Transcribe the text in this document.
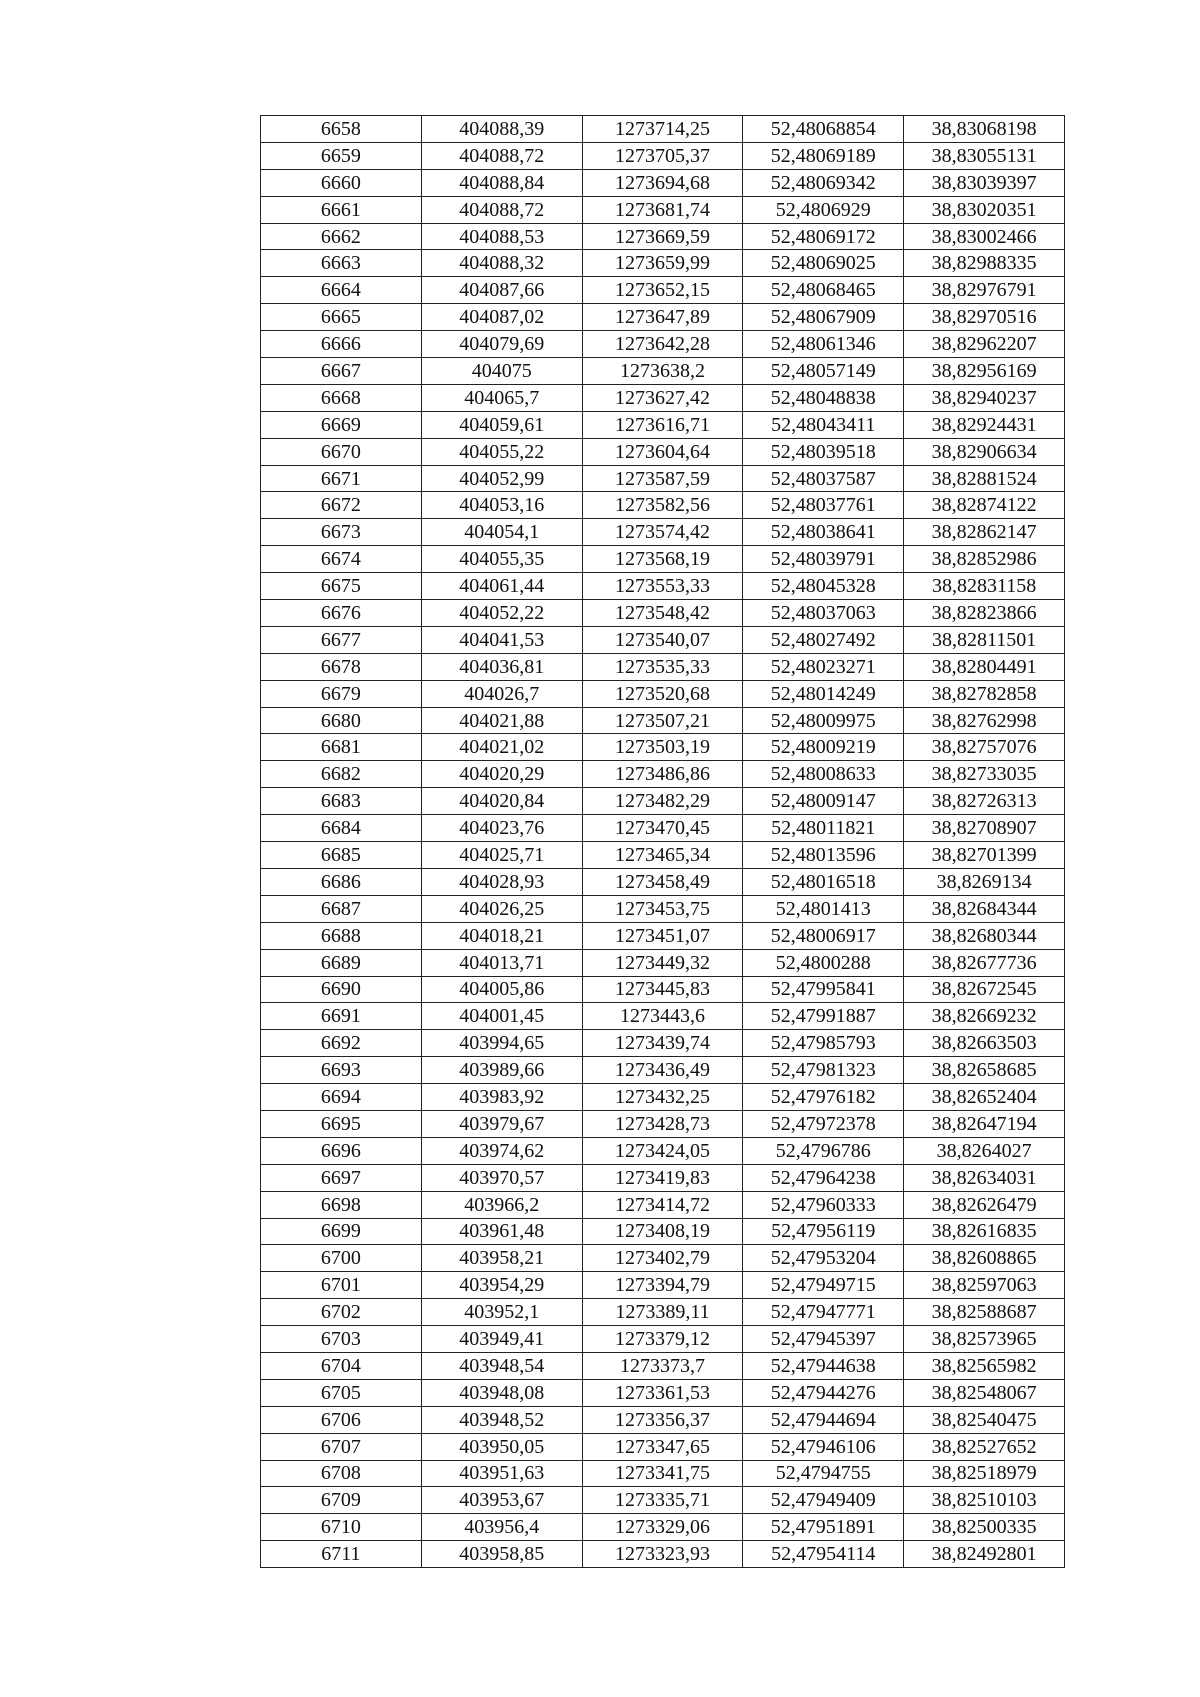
6658	404088,39	1273714,25	52,48068854	38,83068198
6659	404088,72	1273705,37	52,48069189	38,83055131
6660	404088,84	1273694,68	52,48069342	38,83039397
6661	404088,72	1273681,74	52,4806929	38,83020351
6662	404088,53	1273669,59	52,48069172	38,83002466
6663	404088,32	1273659,99	52,48069025	38,82988335
6664	404087,66	1273652,15	52,48068465	38,82976791
6665	404087,02	1273647,89	52,48067909	38,82970516
6666	404079,69	1273642,28	52,48061346	38,82962207
6667	404075	1273638,2	52,48057149	38,82956169
6668	404065,7	1273627,42	52,48048838	38,82940237
6669	404059,61	1273616,71	52,48043411	38,82924431
6670	404055,22	1273604,64	52,48039518	38,82906634
6671	404052,99	1273587,59	52,48037587	38,82881524
6672	404053,16	1273582,56	52,48037761	38,82874122
6673	404054,1	1273574,42	52,48038641	38,82862147
6674	404055,35	1273568,19	52,48039791	38,82852986
6675	404061,44	1273553,33	52,48045328	38,82831158
6676	404052,22	1273548,42	52,48037063	38,82823866
6677	404041,53	1273540,07	52,48027492	38,82811501
6678	404036,81	1273535,33	52,48023271	38,82804491
6679	404026,7	1273520,68	52,48014249	38,82782858
6680	404021,88	1273507,21	52,48009975	38,82762998
6681	404021,02	1273503,19	52,48009219	38,82757076
6682	404020,29	1273486,86	52,48008633	38,82733035
6683	404020,84	1273482,29	52,48009147	38,82726313
6684	404023,76	1273470,45	52,48011821	38,82708907
6685	404025,71	1273465,34	52,48013596	38,82701399
6686	404028,93	1273458,49	52,48016518	38,8269134
6687	404026,25	1273453,75	52,4801413	38,82684344
6688	404018,21	1273451,07	52,48006917	38,82680344
6689	404013,71	1273449,32	52,4800288	38,82677736
6690	404005,86	1273445,83	52,47995841	38,82672545
6691	404001,45	1273443,6	52,47991887	38,82669232
6692	403994,65	1273439,74	52,47985793	38,82663503
6693	403989,66	1273436,49	52,47981323	38,82658685
6694	403983,92	1273432,25	52,47976182	38,82652404
6695	403979,67	1273428,73	52,47972378	38,82647194
6696	403974,62	1273424,05	52,4796786	38,8264027
6697	403970,57	1273419,83	52,47964238	38,82634031
6698	403966,2	1273414,72	52,47960333	38,82626479
6699	403961,48	1273408,19	52,47956119	38,82616835
6700	403958,21	1273402,79	52,47953204	38,82608865
6701	403954,29	1273394,79	52,47949715	38,82597063
6702	403952,1	1273389,11	52,47947771	38,82588687
6703	403949,41	1273379,12	52,47945397	38,82573965
6704	403948,54	1273373,7	52,47944638	38,82565982
6705	403948,08	1273361,53	52,47944276	38,82548067
6706	403948,52	1273356,37	52,47944694	38,82540475
6707	403950,05	1273347,65	52,47946106	38,82527652
6708	403951,63	1273341,75	52,4794755	38,82518979
6709	403953,67	1273335,71	52,47949409	38,82510103
6710	403956,4	1273329,06	52,47951891	38,82500335
6711	403958,85	1273323,93	52,47954114	38,82492801
